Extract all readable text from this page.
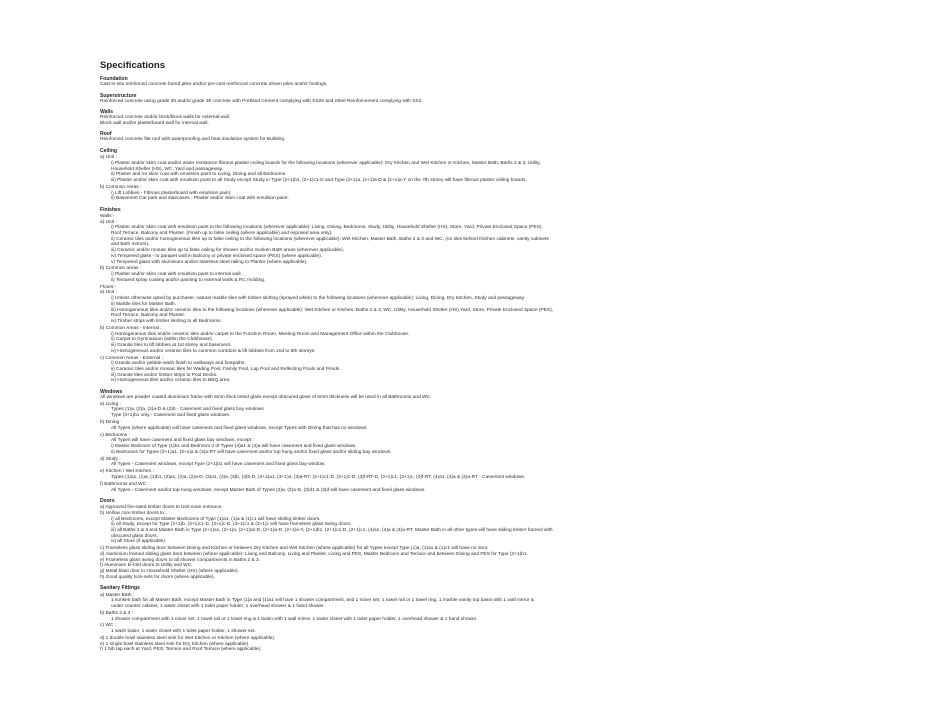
Specifications
Foundation
Cast-in-situ reinforced concrete bored piles and/or pre-cast reinforced concrete driven piles and/or footings.
Superstructure
Reinforced concrete using grade 35 and/or grade 36 concrete with Portland Cement complying with SS26 and Steel Reinforcement complying with SS2.
Walls
Reinforced concrete and/or brick/block walls for external wall.
Block wall and/or plasterboard wall for internal wall.
Roof
Reinforced concrete flat roof with waterproofing and heat insulation system for Building.
Ceiling
a) Unit :
i) Plaster and/or skim coat and/or water resistance fibrous plaster ceiling boards for the following locations (wherever applicable): Dry Kitchen and Wet Kitchen or Kitchen, Master Bath, Baths 2 & 3, Utility,
Household Shelter (HS), WC, Yard and passageway.
ii) Plaster and /or skim coat with emulsion paint to Living, Dining and all Bedrooms.
iii) Plaster and/or skim coat with emulsion paint to all Study except Study in Type (2+1)b1, (2+1)c1-D and Type (2+1)a, (2+1)a-D & (2+1)a-Y on the 7th storey will have fibrous plaster ceiling boards.
b) Common Areas :
i) Lift Lobbies - Fibrous plasterboard with emulsion paint.
ii) Basement Car park and staircases - Plaster and/or skim coat with emulsion paint.
Finishes
Walls:-
a) Unit :
i) Plaster and/or skim coat with emulsion paint to the following locations (wherever applicable): Living, Dining, Bedrooms, Study, Utility, Household Shelter (HS), Store, Yard, Private Enclosed Space (PES),
Roof Terrace, Balcony and Planter. (Finish up to false ceiling (where applicable) and exposed area only).
ii) Ceramic tiles and/or homogeneous tiles up to false ceiling to the following locations (wherever applicable): Wet Kitchen, Master Bath, Baths 2 & 3 and WC. (no tiles behind Kitchen cabinets, vanity cabinets
and Bath mirrors).
iii) Ceramic and/or mosaic tiles up to false ceiling for shower and/or Sunken Bath areas (wherever applicable).
iv) Tempered glass - to parapet wall in Balcony or private enclosed space (PES) (where applicable).
v) Tempered glass with aluminium and/or stainless steel railing to Planter (where applicable).
b) Common areas :
i) Plaster and/or skim coat with emulsion paint to internal wall.
ii) Textured spray coating and/or painting to external walls & RC molding.
Floors:-
a) Unit :
i) Unless otherwise opted by purchaser, natural marble tiles with timber skirting (sprayed white) to the following locations (wherever applicable): Living, Dining, Dry Kitchen, Study and passageway.
ii) Marble tiles for Master Bath.
iii) Homogeneous tiles and/or ceramic tiles to the following locations (wherever applicable): Wet Kitchen or Kitchen, Baths 2 & 3, WC, Utility, Household Shelter (HS),Yard, Store, Private Enclosed Space (PES),
Roof Terrace, Balcony and Planter.
iv) Timber strips with timber skirting to all Bedrooms.
b) Common Areas - Internal :
i) Homogeneous tiles and/or ceramic tiles and/or carpet to the Function Room, Meeting Room and Management Office within the Clubhouse.
ii) Carpet to Gymnasium (within the Clubhouse).
iii) Granite tiles to lift lobbies at 1st storey and basement.
iv) Homogeneous and/or ceramic tiles to common corridors & lift lobbies from 2nd to 8th storeys.
c) Common Areas - External :
i) Granite and/or pebble-wash finish to walkways and footpaths.
ii) Ceramic tiles and/or mosaic tiles for Wading Pool, Family Pool, Lap Pool and Reflecting Pools and Ponds.
iii) Granite tiles and/or timber strips to Pool Decks.
iv) Homogeneous tiles and/or ceramic tiles to BBQ area.
Windows
All windows are powder coated aluminium frame with 6mm thick tinted glass except obscured glass of 6mm thickness will be used in all Bathrooms and WC.
a) Living :
Types (1)a, (2)a, (2)a-D & (2)b - Casement and fixed glass bay windows
Type (3+1)b1 only - Casement and fixed glass windows.
b) Dining :
All Types (where applicable) will have casement and fixed glass windows, except Types with Dining that has no windows.
c) Bedrooms :
All Types will have casement and fixed glass bay windows, except :
i) Master Bedroom of Type (1)b1 and Bedroom 2 of Types (4)a1 & (4)a will have casement and fixed glass windows.
ii) Bedrooms for Types (3+1)a1, (3+1)a & (3)a-RT will have casement and/or top hung and/or fixed glass and/or sliding bay windows.
d) Study :
All Types - Casement windows, except Type (2+1)b1 will have casement and fixed glass bay window.
e) Kitchen / Wet Kitchen :
Types (1)a1, (1)a, (1)b1, (2)a1, (2)a, (2)a-D, (3)a1, (3)a, (3)b, (3)b-D, (3+1)a1, (3+1)a, (3)a-RT, (3+1)c1-D, (3+1)c-D, (3)f-RT-D, (3+1)c1, (3+1)c, (3)f-RT, (4)a1, (4)a & (4)a-RT - Casement windows.
f) Bathrooms and WC :
All Types - Casement and/or top-hung windows, except Master Bath of Types (2)a, (2)a-D, (3)d1 & (3)d will have casement and fixed glass windows.
Doors
a) Approved fire-rated timber doors to Unit main entrance.
b) Hollow core timber doors to :
i) all Bedrooms, except Master Bedrooms of Type (1)a1, (1)a & (1)c1 will have sliding timber doors.
ii) all Study, except for Type (3+1)b, (3+1)c1-D, (3+1)c-D, (3+1)c1 & (3+1)c will have frameless glass swing doors.
iii) all Baths 2 & 3 and Master Bath in Type (2+1)a1, (2+1)a, (2+1)a1-D, (2+1)a-D, (2+1)a-Y, (2+1)b1, (2+1)c1-D, (2+1)c1, (4)a1, (4)a & (4)a-RT, Master Bath in all other types will have sliding timber framed with
obscured glass doors.
iv) all Store (if applicable).
c) Frameless glass sliding door between Dining and Kitchen or between Dry Kitchen and Wet Kitchen (where applicable) for all Types except Type (1)a, (1)a1 & (1)c1 will have no door.
d) Aluminium framed sliding glass door between (where applicable): Living and Balcony, Living and Planter, Living and PES, Master Bedroom and Terrace and between Dining and PES for Type (3+1)b1.
e) Frameless glass swing doors to all shower compartments in Baths 2 & 3.
f) Aluminium bi-fold doors to Utility and WC.
g) Metal blast door to Household Shelter (HS) (where applicable).
h) Good quality lock-sets for doors (where applicable).
Sanitary Fittings
a) Master Bath :
1 sunken bath for all Master Bath, except Master Bath in Type (1)a and (1)a1 will have 1 shower compartment, and 1 mixer set, 1 towel rail or 1 towel ring, 1 marble vanity top basin with 1 wall mirror &
under counter cabinet, 1 water closet with 1 toilet paper holder, 1 overhead shower & 1 hand shower.
b) Baths 2 & 3 :
1 shower compartment with 1 mixer set, 1 towel rail or 1 towel ring & 1 basin with 1 wall mirror, 1 water closet with 1 toilet paper holder, 1 overhead shower & 1 hand shower.
c) WC :
1 wash basin, 1 water closet with 1 toilet paper holder, 1 shower set.
d) 1 double bowl stainless steel sink for Wet Kitchen or Kitchen (where applicable).
e) 1 single bowl stainless steel sink for Dry Kitchen (where applicable).
f) 1 bib tap each at Yard, PES, Terrace and Roof Terrace (where applicable).
